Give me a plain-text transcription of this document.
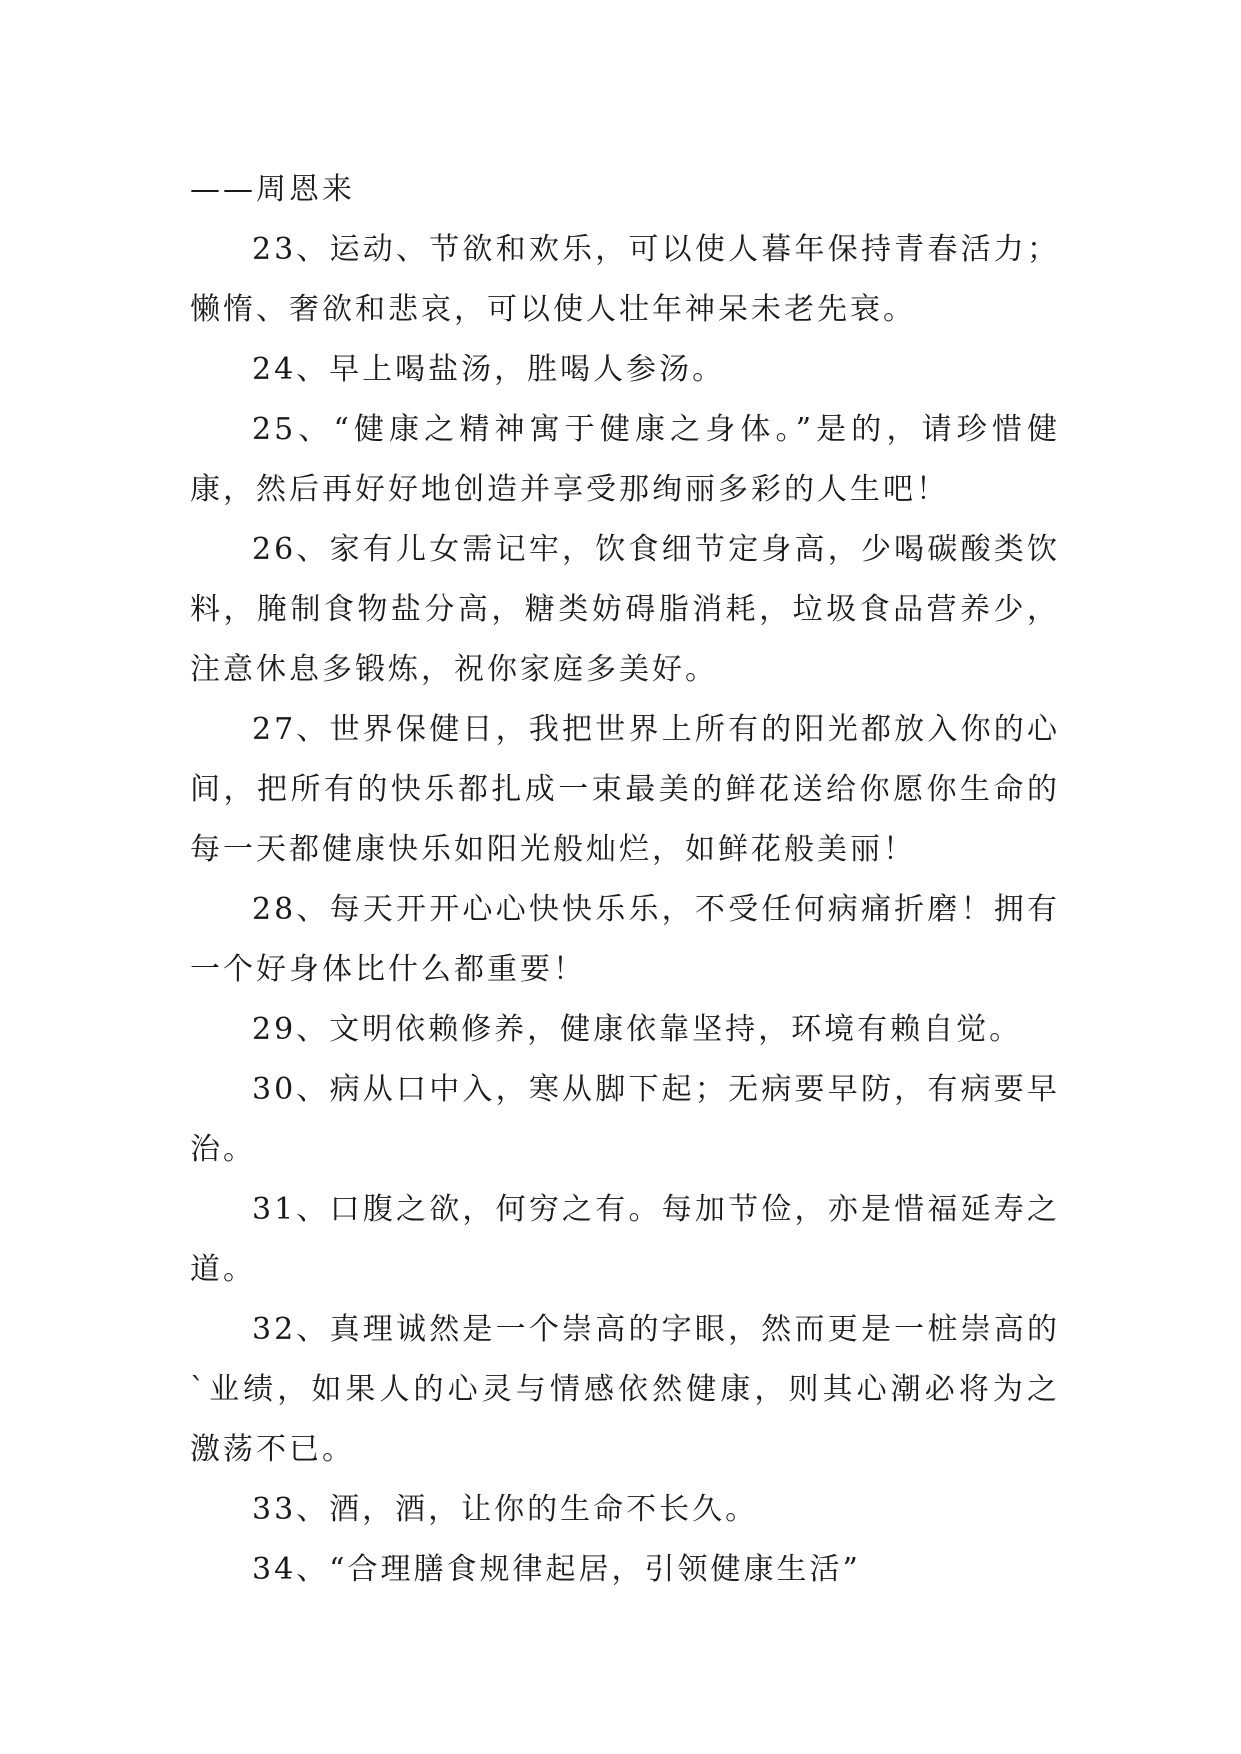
——周恩来

23、运动、节欲和欢乐，可以使人暮年保持青春活力；懒惰、奢欲和悲哀，可以使人壮年神呆未老先衰。

24、早上喝盐汤，胜喝人参汤。

25、“健康之精神寓于健康之身体。”是的，请珍惜健康，然后再好好地创造并享受那绚丽多彩的人生吧！

26、家有儿女需记牢，饮食细节定身高，少喝碳酸类饮料，腌制食物盐分高，糖类妨碍脂消耗，垃圾食品营养少，注意休息多锻炼，祝你家庭多美好。

27、世界保健日，我把世界上所有的阳光都放入你的心间，把所有的快乐都扎成一束最美的鲜花送给你愿你生命的每一天都健康快乐如阳光般灿烂，如鲜花般美丽！

28、每天开开心心快快乐乐，不受任何病痛折磨！拥有一个好身体比什么都重要！

29、文明依赖修养，健康依靠坚持，环境有赖自觉。

30、病从口中入，寒从脚下起；无病要早防，有病要早治。

31、口腹之欲，何穷之有。每加节俭，亦是惜福延寿之道。

32、真理诚然是一个崇高的字眼，然而更是一桩崇高的`业绩，如果人的心灵与情感依然健康，则其心潮必将为之激荡不已。

33、酒，酒，让你的生命不长久。

34、“合理膳食规律起居，引领健康生活”
